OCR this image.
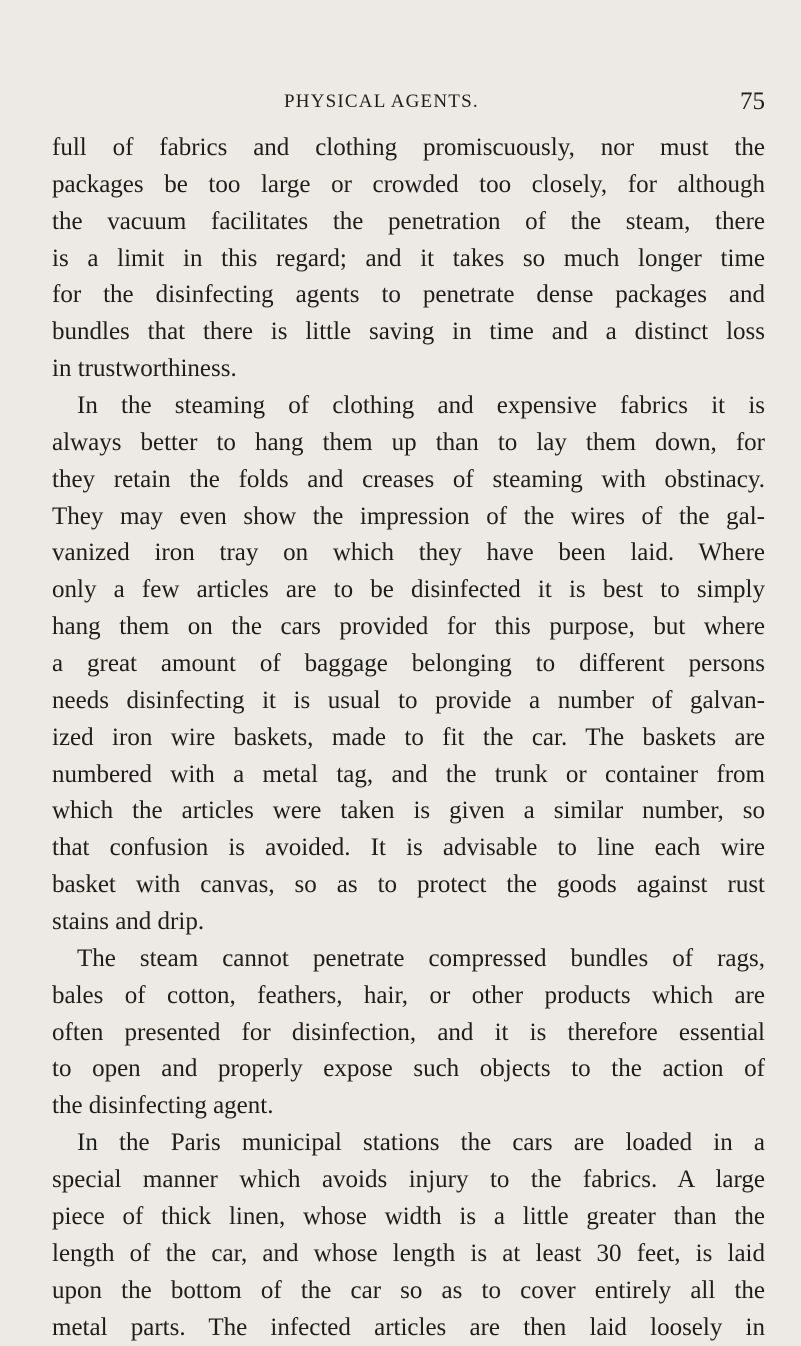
PHYSICAL AGENTS.	75
full of fabrics and clothing promiscuously, nor must the
packages be too large or crowded too closely, for although
the vacuum facilitates the penetration of the steam, there
is a limit in this regard; and it takes so much longer time
for the disinfecting agents to penetrate dense packages and
bundles that there is little saving in time and a distinct loss
in trustworthiness.
In the steaming of clothing and expensive fabrics it is
always better to hang them up than to lay them down, for
they retain the folds and creases of steaming with obstinacy.
They may even show the impression of the wires of the gal-
vanized iron tray on which they have been laid. Where
only a few articles are to be disinfected it is best to simply
hang them on the cars provided for this purpose, but where
a great amount of baggage belonging to different persons
needs disinfecting it is usual to provide a number of galvan-
ized iron wire baskets, made to fit the car. The baskets are
numbered with a metal tag, and the trunk or container from
which the articles were taken is given a similar number, so
that confusion is avoided. It is advisable to line each wire
basket with canvas, so as to protect the goods against rust
stains and drip.
The steam cannot penetrate compressed bundles of rags,
bales of cotton, feathers, hair, or other products which are
often presented for disinfection, and it is therefore essential
to open and properly expose such objects to the action of
the disinfecting agent.
In the Paris municipal stations the cars are loaded in a
special manner which avoids injury to the fabrics. A large
piece of thick linen, whose width is a little greater than the
length of the car, and whose length is at least 30 feet, is laid
upon the bottom of the car so as to cover entirely all the
metal parts. The infected articles are then laid loosely in
